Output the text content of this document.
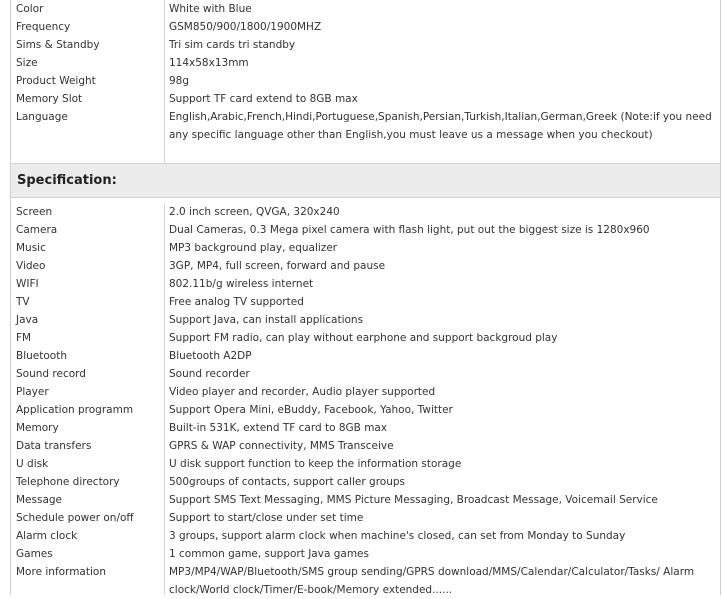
Color	White with Blue
Frequency	GSM850/900/1800/1900MHZ
Sims & Standby	Tri sim cards tri standby
Size	114x58x13mm
Product Weight	98g
Memory Slot	Support TF card extend to 8GB max
Language	English,Arabic,French,Hindi,Portuguese,Spanish,Persian,Turkish,Italian,German,Greek (Note:if you need any specific language other than English,you must leave us a message when you checkout)
Specification:
Screen	2.0 inch screen, QVGA, 320x240
Camera	Dual Cameras, 0.3 Mega pixel camera with flash light, put out the biggest size is 1280x960
Music	MP3 background play, equalizer
Video	3GP, MP4, full screen, forward and pause
WIFI	802.11b/g wireless internet
TV	Free analog TV supported
Java	Support Java, can install applications
FM	Support FM radio, can play without earphone and support backgroud play
Bluetooth	Bluetooth A2DP
Sound record	Sound recorder
Player	Video player and recorder, Audio player supported
Application programm	Support Opera Mini, eBuddy, Facebook, Yahoo, Twitter
Memory	Built-in 531K, extend TF card to 8GB max
Data transfers	GPRS & WAP connectivity, MMS Transceive
U disk	U disk support function to keep the information storage
Telephone directory	500groups of contacts, support caller groups
Message	Support SMS Text Messaging, MMS Picture Messaging, Broadcast Message, Voicemail Service
Schedule power on/off	Support to start/close under set time
Alarm clock	3 groups, support alarm clock when machine's closed, can set from Monday to Sunday
Games	1 common game, support Java games
More information	MP3/MP4/WAP/Bluetooth/SMS group sending/GPRS download/MMS/Calendar/Calculator/Tasks/ Alarm clock/World clock/Timer/E-book/Memory extended......
